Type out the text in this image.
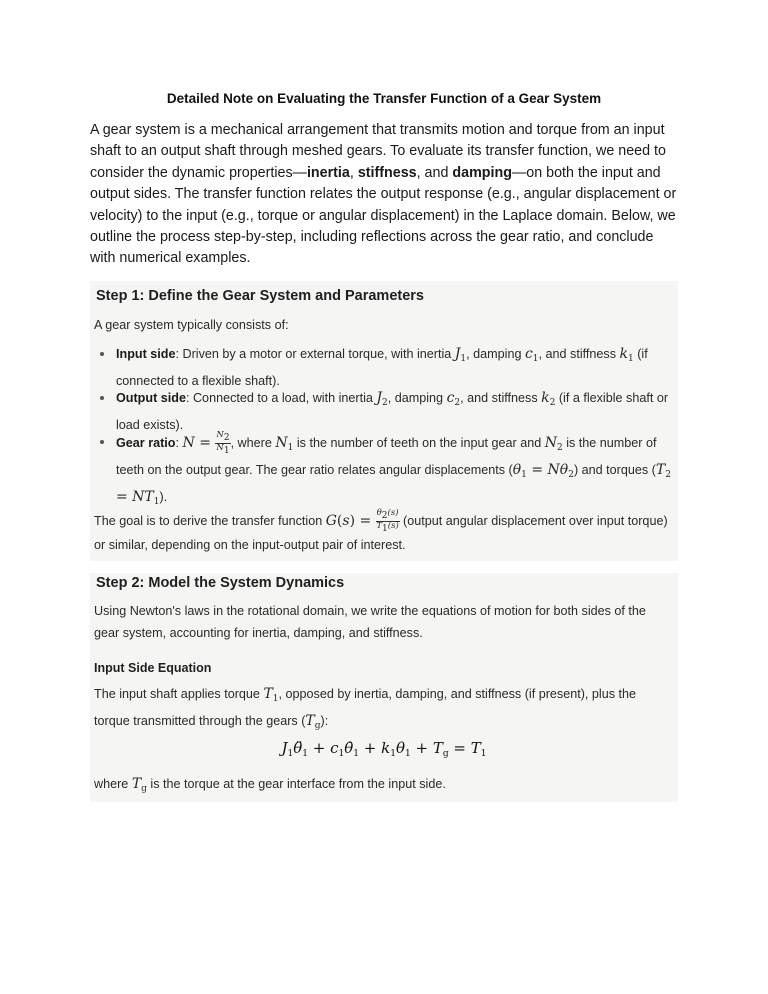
Detailed Note on Evaluating the Transfer Function of a Gear System
A gear system is a mechanical arrangement that transmits motion and torque from an input shaft to an output shaft through meshed gears. To evaluate its transfer function, we need to consider the dynamic properties—inertia, stiffness, and damping—on both the input and output sides. The transfer function relates the output response (e.g., angular displacement or velocity) to the input (e.g., torque or angular displacement) in the Laplace domain. Below, we outline the process step-by-step, including reflections across the gear ratio, and conclude with numerical examples.
Step 1: Define the Gear System and Parameters
A gear system typically consists of:
Input side: Driven by a motor or external torque, with inertia $J_1$, damping $c_1$, and stiffness $k_1$ (if connected to a flexible shaft).
Output side: Connected to a load, with inertia $J_2$, damping $c_2$, and stiffness $k_2$ (if a flexible shaft or load exists).
Gear ratio: $N = \frac{N_2}{N_1}$ , where $N_1$ is the number of teeth on the input gear and $N_2$ is the number of teeth on the output gear. The gear ratio relates angular displacements $(\theta_1 = N\theta_2)$ and torques $(T_2 = NT_1)$.
The goal is to derive the transfer function $G(s) = \frac{\theta_2(s)}{T_1(s)}$ (output angular displacement over input torque) or similar, depending on the input-output pair of interest.
Step 2: Model the System Dynamics
Using Newton's laws in the rotational domain, we write the equations of motion for both sides of the gear system, accounting for inertia, damping, and stiffness.
Input Side Equation
The input shaft applies torque $T_1$, opposed by inertia, damping, and stiffness (if present), plus the torque transmitted through the gears $(T_g)$:
$J_1\thetä_1$ + $c_1\thetȧ_1 + k_1\theta_1 + T_g = T_1$
where $T_g$ is the torque at the gear interface from the input side.
